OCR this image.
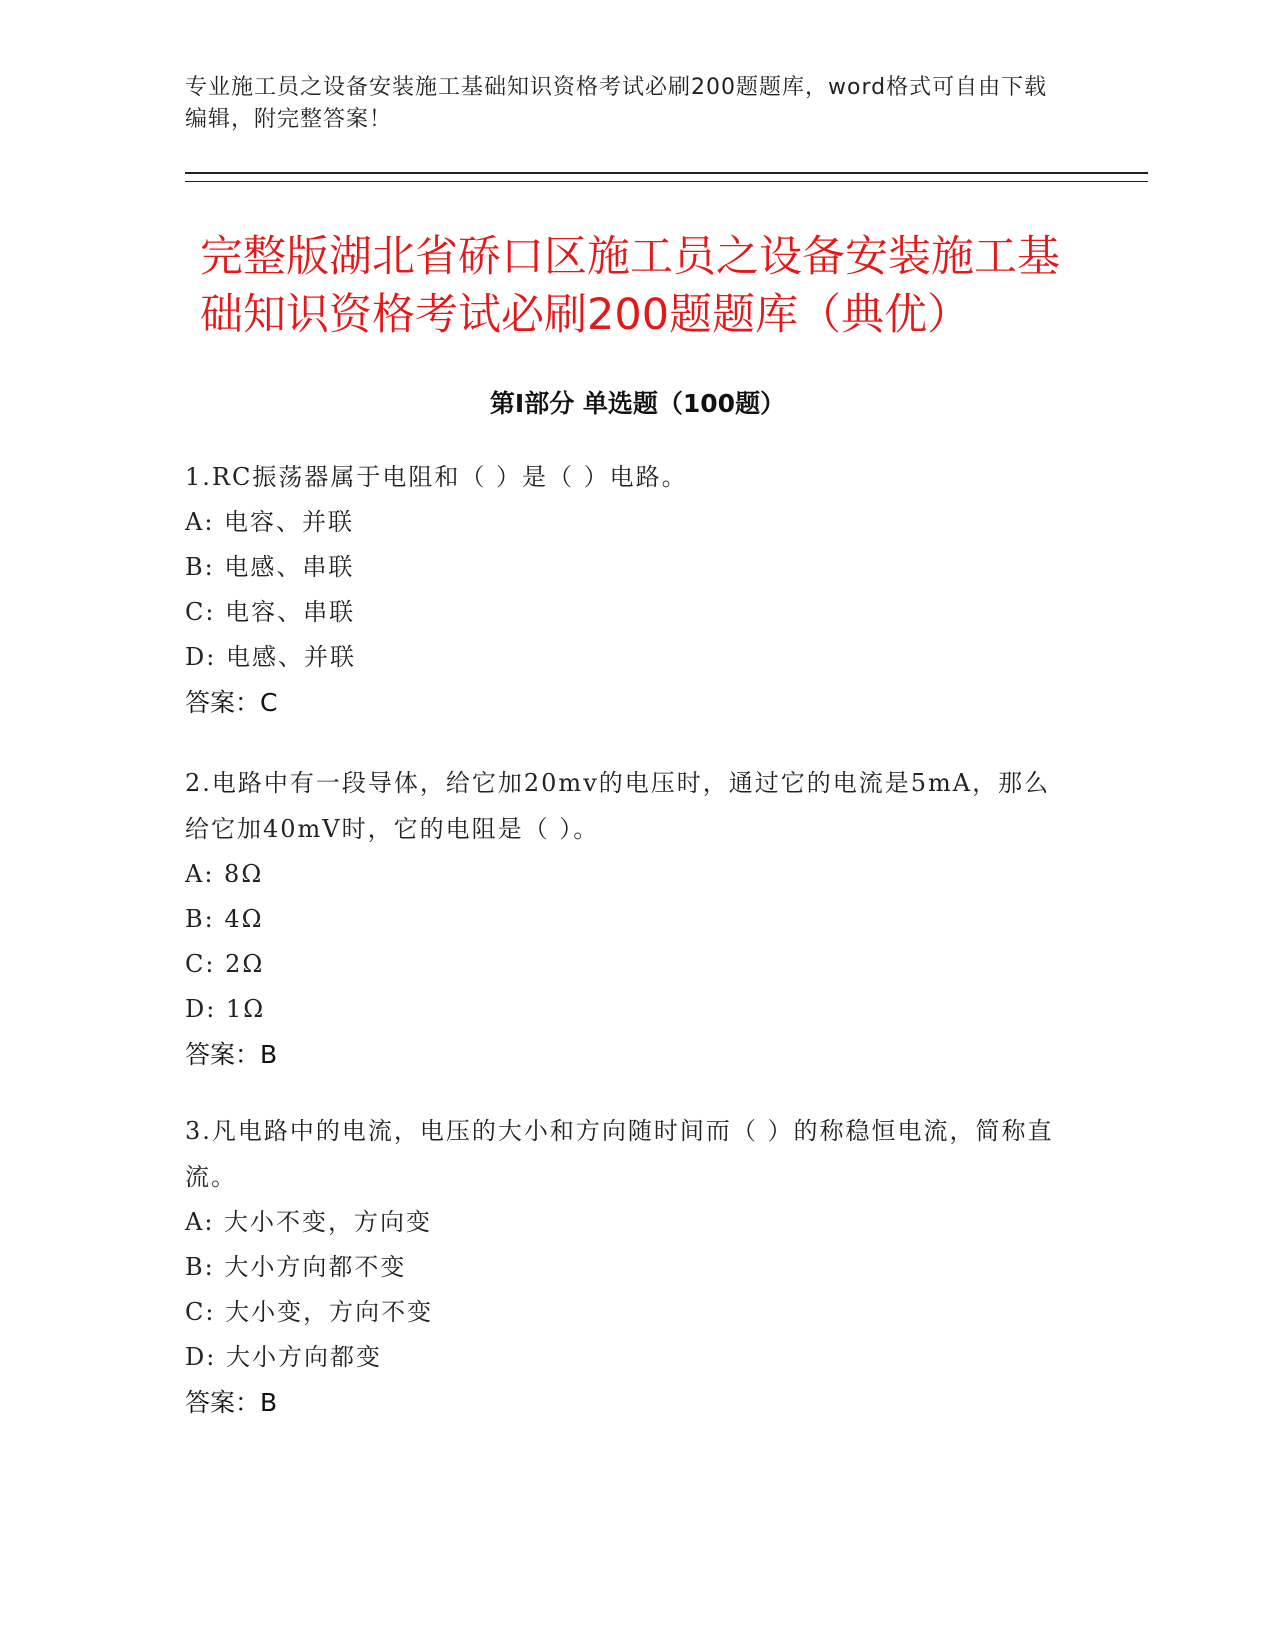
专业施工员之设备安装施工基础知识资格考试必刷200题题库，word格式可自由下载编辑，附完整答案！
完整版湖北省硚口区施工员之设备安装施工基础知识资格考试必刷200题题库（典优）
第I部分 单选题（100题）

1.RC振荡器属于电阻和（ ）是（ ）电路。

A: 电容、并联

B: 电感、串联

C: 电容、串联

D: 电感、并联

答案：C

2.电路中有一段导体，给它加20mv的电压时，通过它的电流是5mA，那么给它加40mV时，它的电阻是（ ）。

A: 8Ω

B: 4Ω

C: 2Ω

D: 1Ω

答案：B

3.凡电路中的电流，电压的大小和方向随时间而（ ）的称稳恒电流，简称直流。

A: 大小不变，方向变

B: 大小方向都不变

C: 大小变，方向不变

D: 大小方向都变

答案：B
